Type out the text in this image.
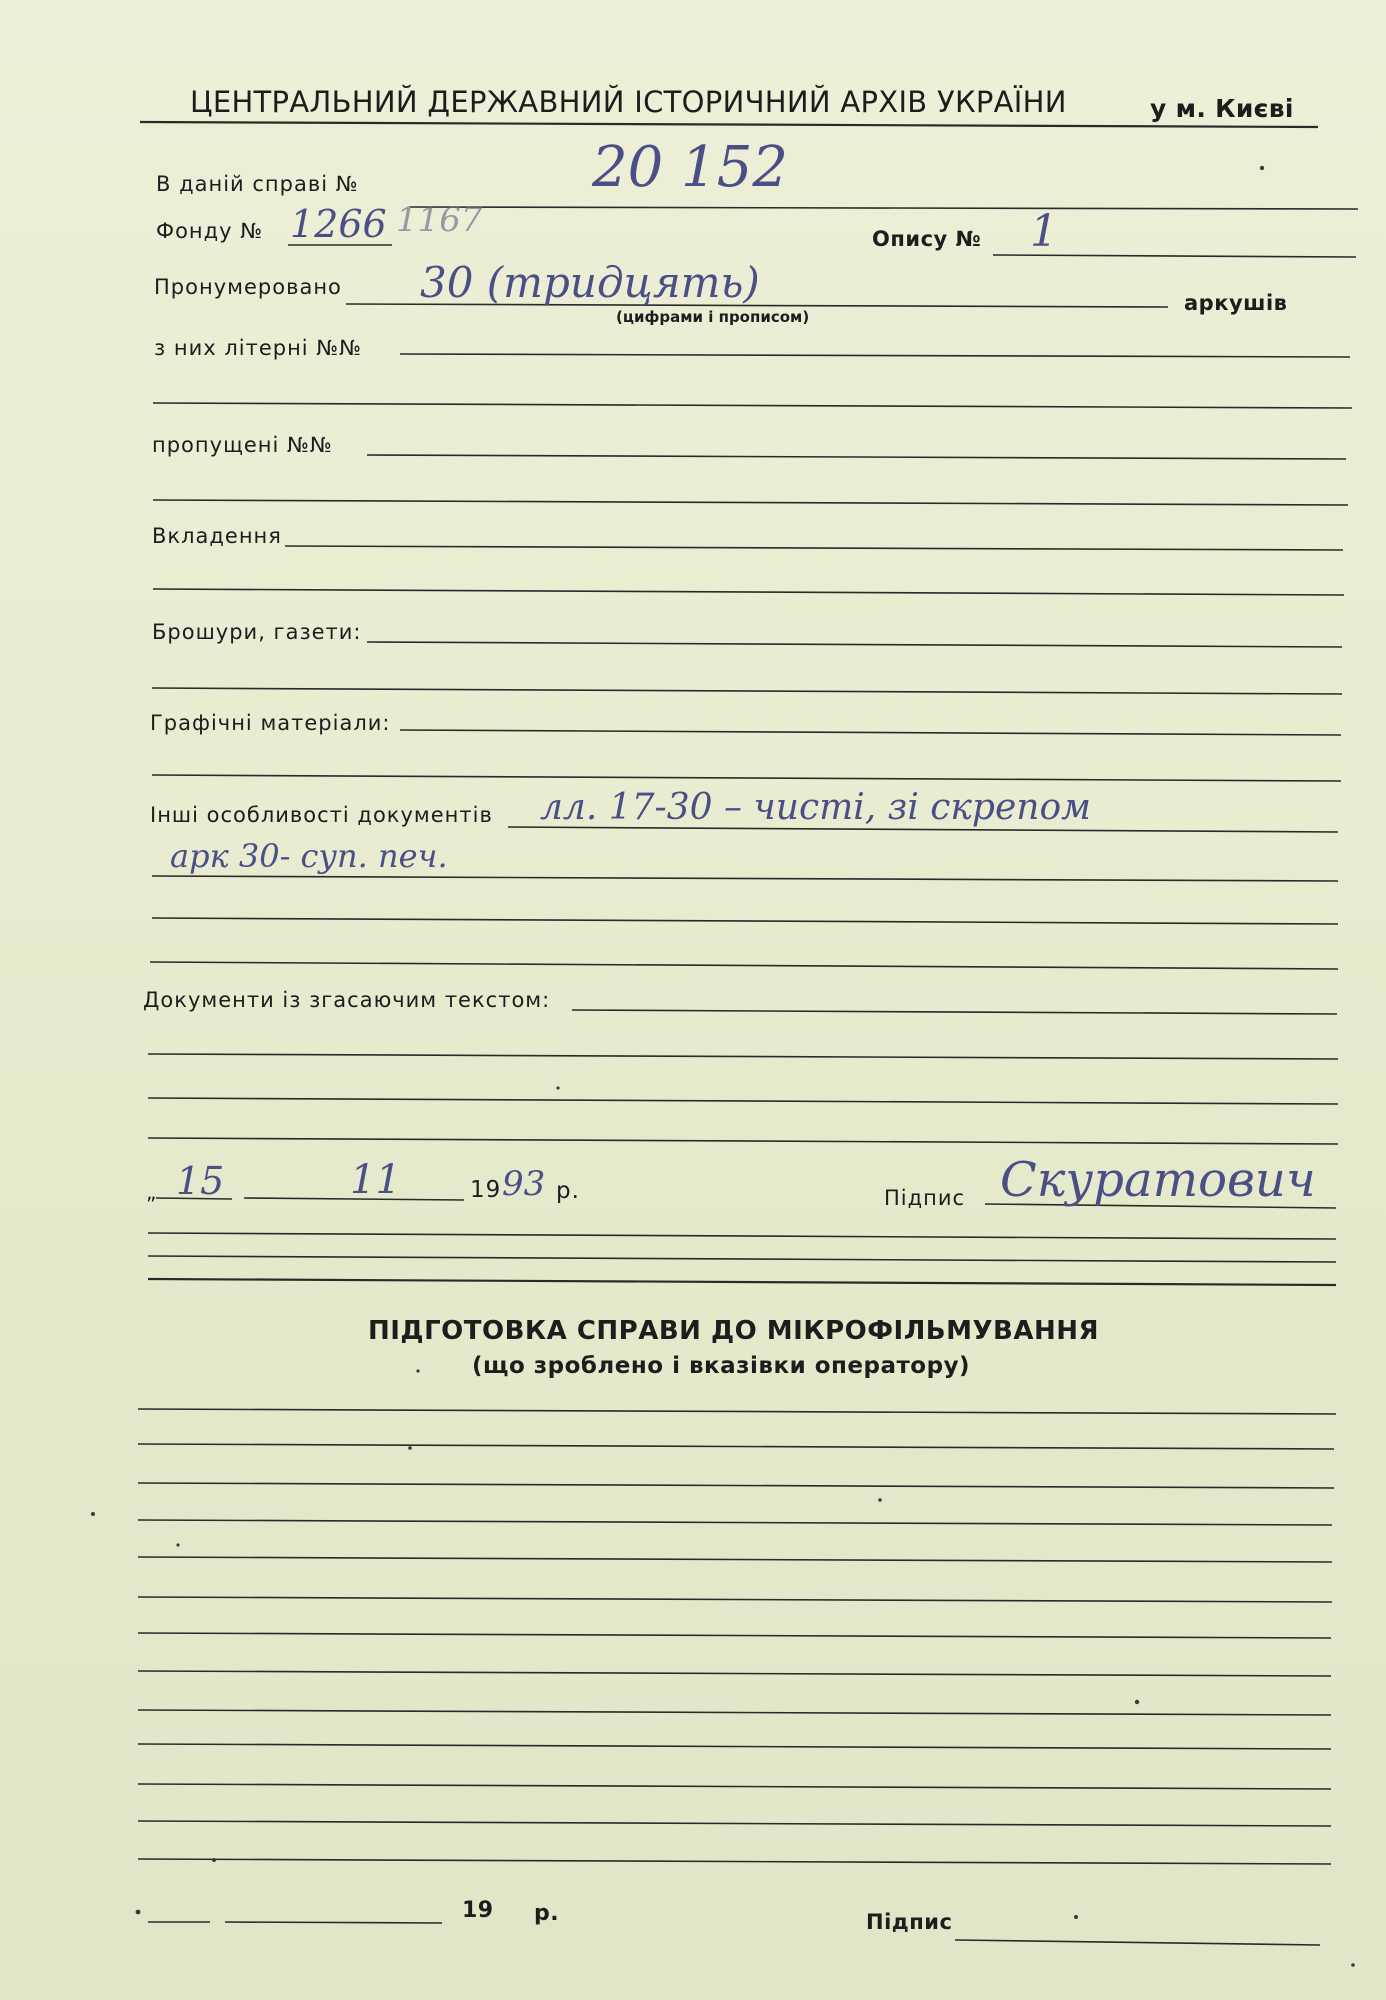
ЦЕНТРАЛЬНИЙ ДЕРЖАВНИЙ ІСТОРИЧНИЙ АРХІВ УКРАЇНИ	у м. Києві
В даній справі №	20 152
Фонду № 1266 1167	Опису № 1
Пронумеровано 30 (тридцять)
(цифрами і прописом)
аркушів
з них літерні №№
пропущені №№
Вкладення
Брошури, газети:
Графічні матеріали:
Інші особливості документів лл. 17-30 – чисті, зі скрепом
арк 30- суп. печ.
Документи із згасаючим текстом:
„ 15	11	19 93 р.	Підпис Скуратович
ПІДГОТОВКА СПРАВИ ДО МІКРОФІЛЬМУВАННЯ
(що зроблено і вказівки оператору)
19 р.	Підпис
